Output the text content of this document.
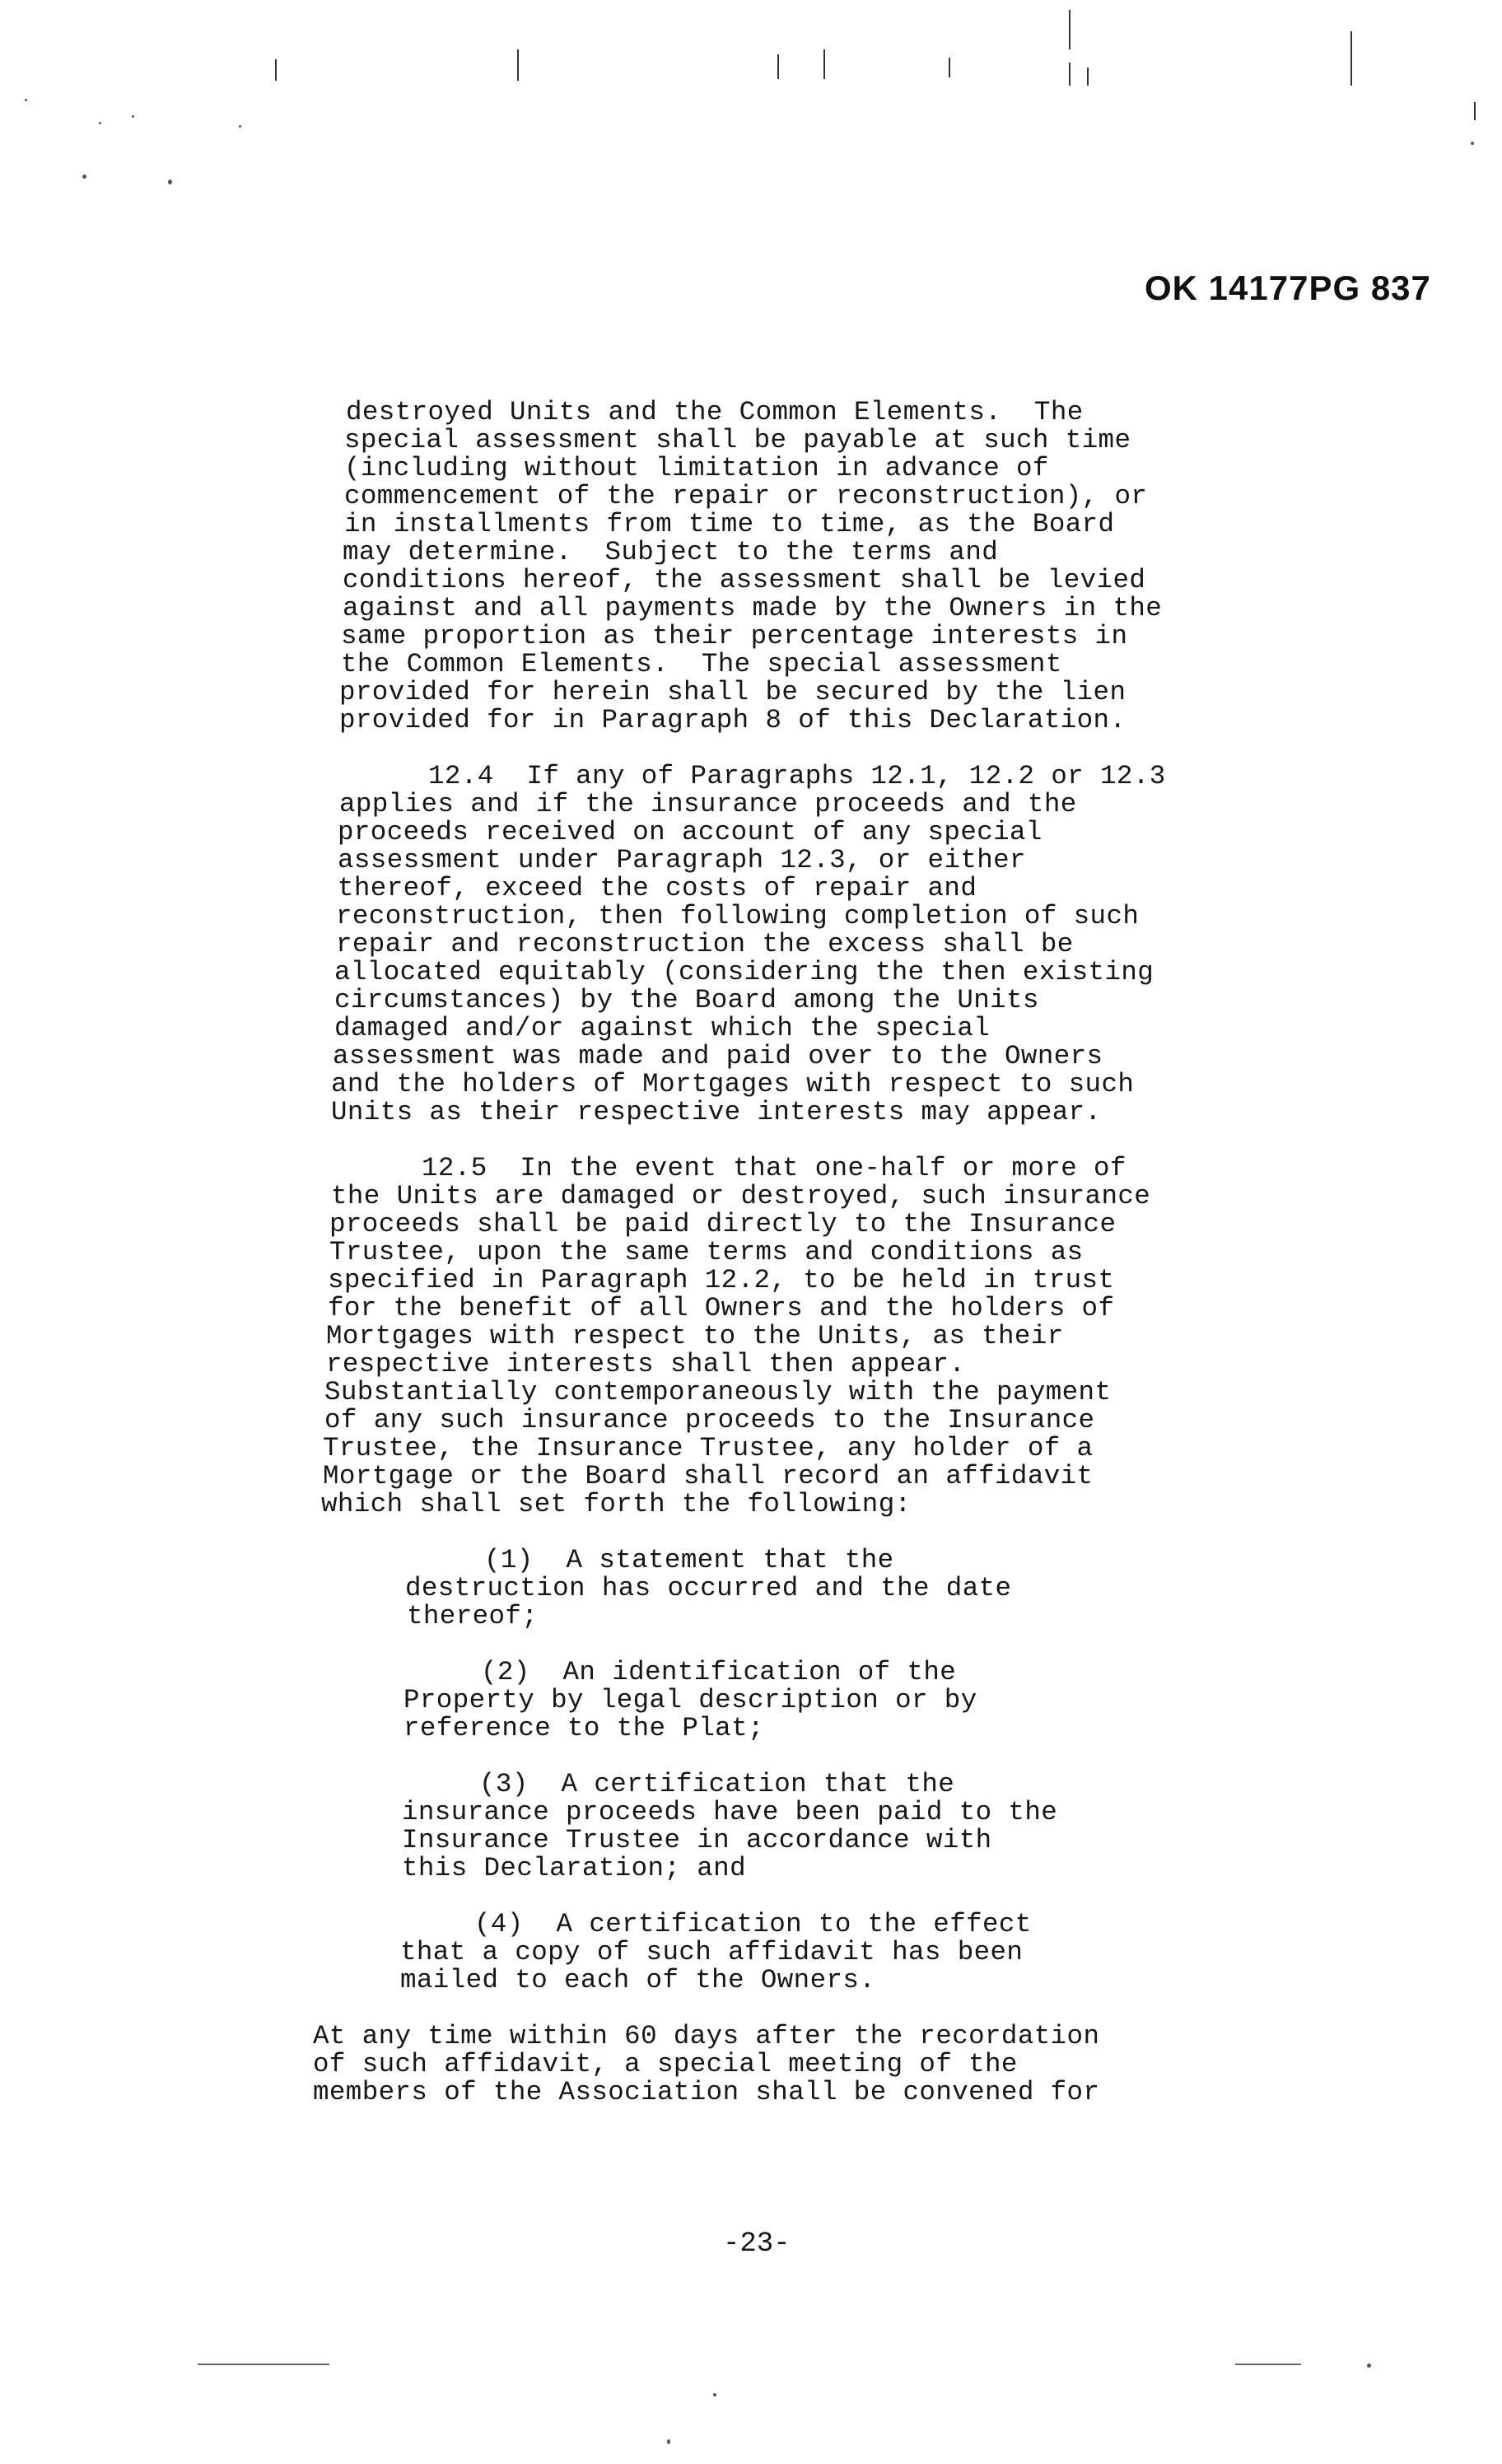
OK 14177PG 837
destroyed Units and the Common Elements.  The
special assessment shall be payable at such time
(including without limitation in advance of
commencement of the repair or reconstruction), or
in installments from time to time, as the Board
may determine.  Subject to the terms and
conditions hereof, the assessment shall be levied
against and all payments made by the Owners in the
same proportion as their percentage interests in
the Common Elements.  The special assessment
provided for herein shall be secured by the lien
provided for in Paragraph 8 of this Declaration.
12.4  If any of Paragraphs 12.1, 12.2 or 12.3
applies and if the insurance proceeds and the
proceeds received on account of any special
assessment under Paragraph 12.3, or either
thereof, exceed the costs of repair and
reconstruction, then following completion of such
repair and reconstruction the excess shall be
allocated equitably (considering the then existing
circumstances) by the Board among the Units
damaged and/or against which the special
assessment was made and paid over to the Owners
and the holders of Mortgages with respect to such
Units as their respective interests may appear.
12.5  In the event that one-half or more of
the Units are damaged or destroyed, such insurance
proceeds shall be paid directly to the Insurance
Trustee, upon the same terms and conditions as
specified in Paragraph 12.2, to be held in trust
for the benefit of all Owners and the holders of
Mortgages with respect to the Units, as their
respective interests shall then appear.
Substantially contemporaneously with the payment
of any such insurance proceeds to the Insurance
Trustee, the Insurance Trustee, any holder of a
Mortgage or the Board shall record an affidavit
which shall set forth the following:
(1)  A statement that the
destruction has occurred and the date
thereof;
(2)  An identification of the
Property by legal description or by
reference to the Plat;
(3)  A certification that the
insurance proceeds have been paid to the
Insurance Trustee in accordance with
this Declaration; and
(4)  A certification to the effect
that a copy of such affidavit has been
mailed to each of the Owners.
At any time within 60 days after the recordation
of such affidavit, a special meeting of the
members of the Association shall be convened for
-23-
